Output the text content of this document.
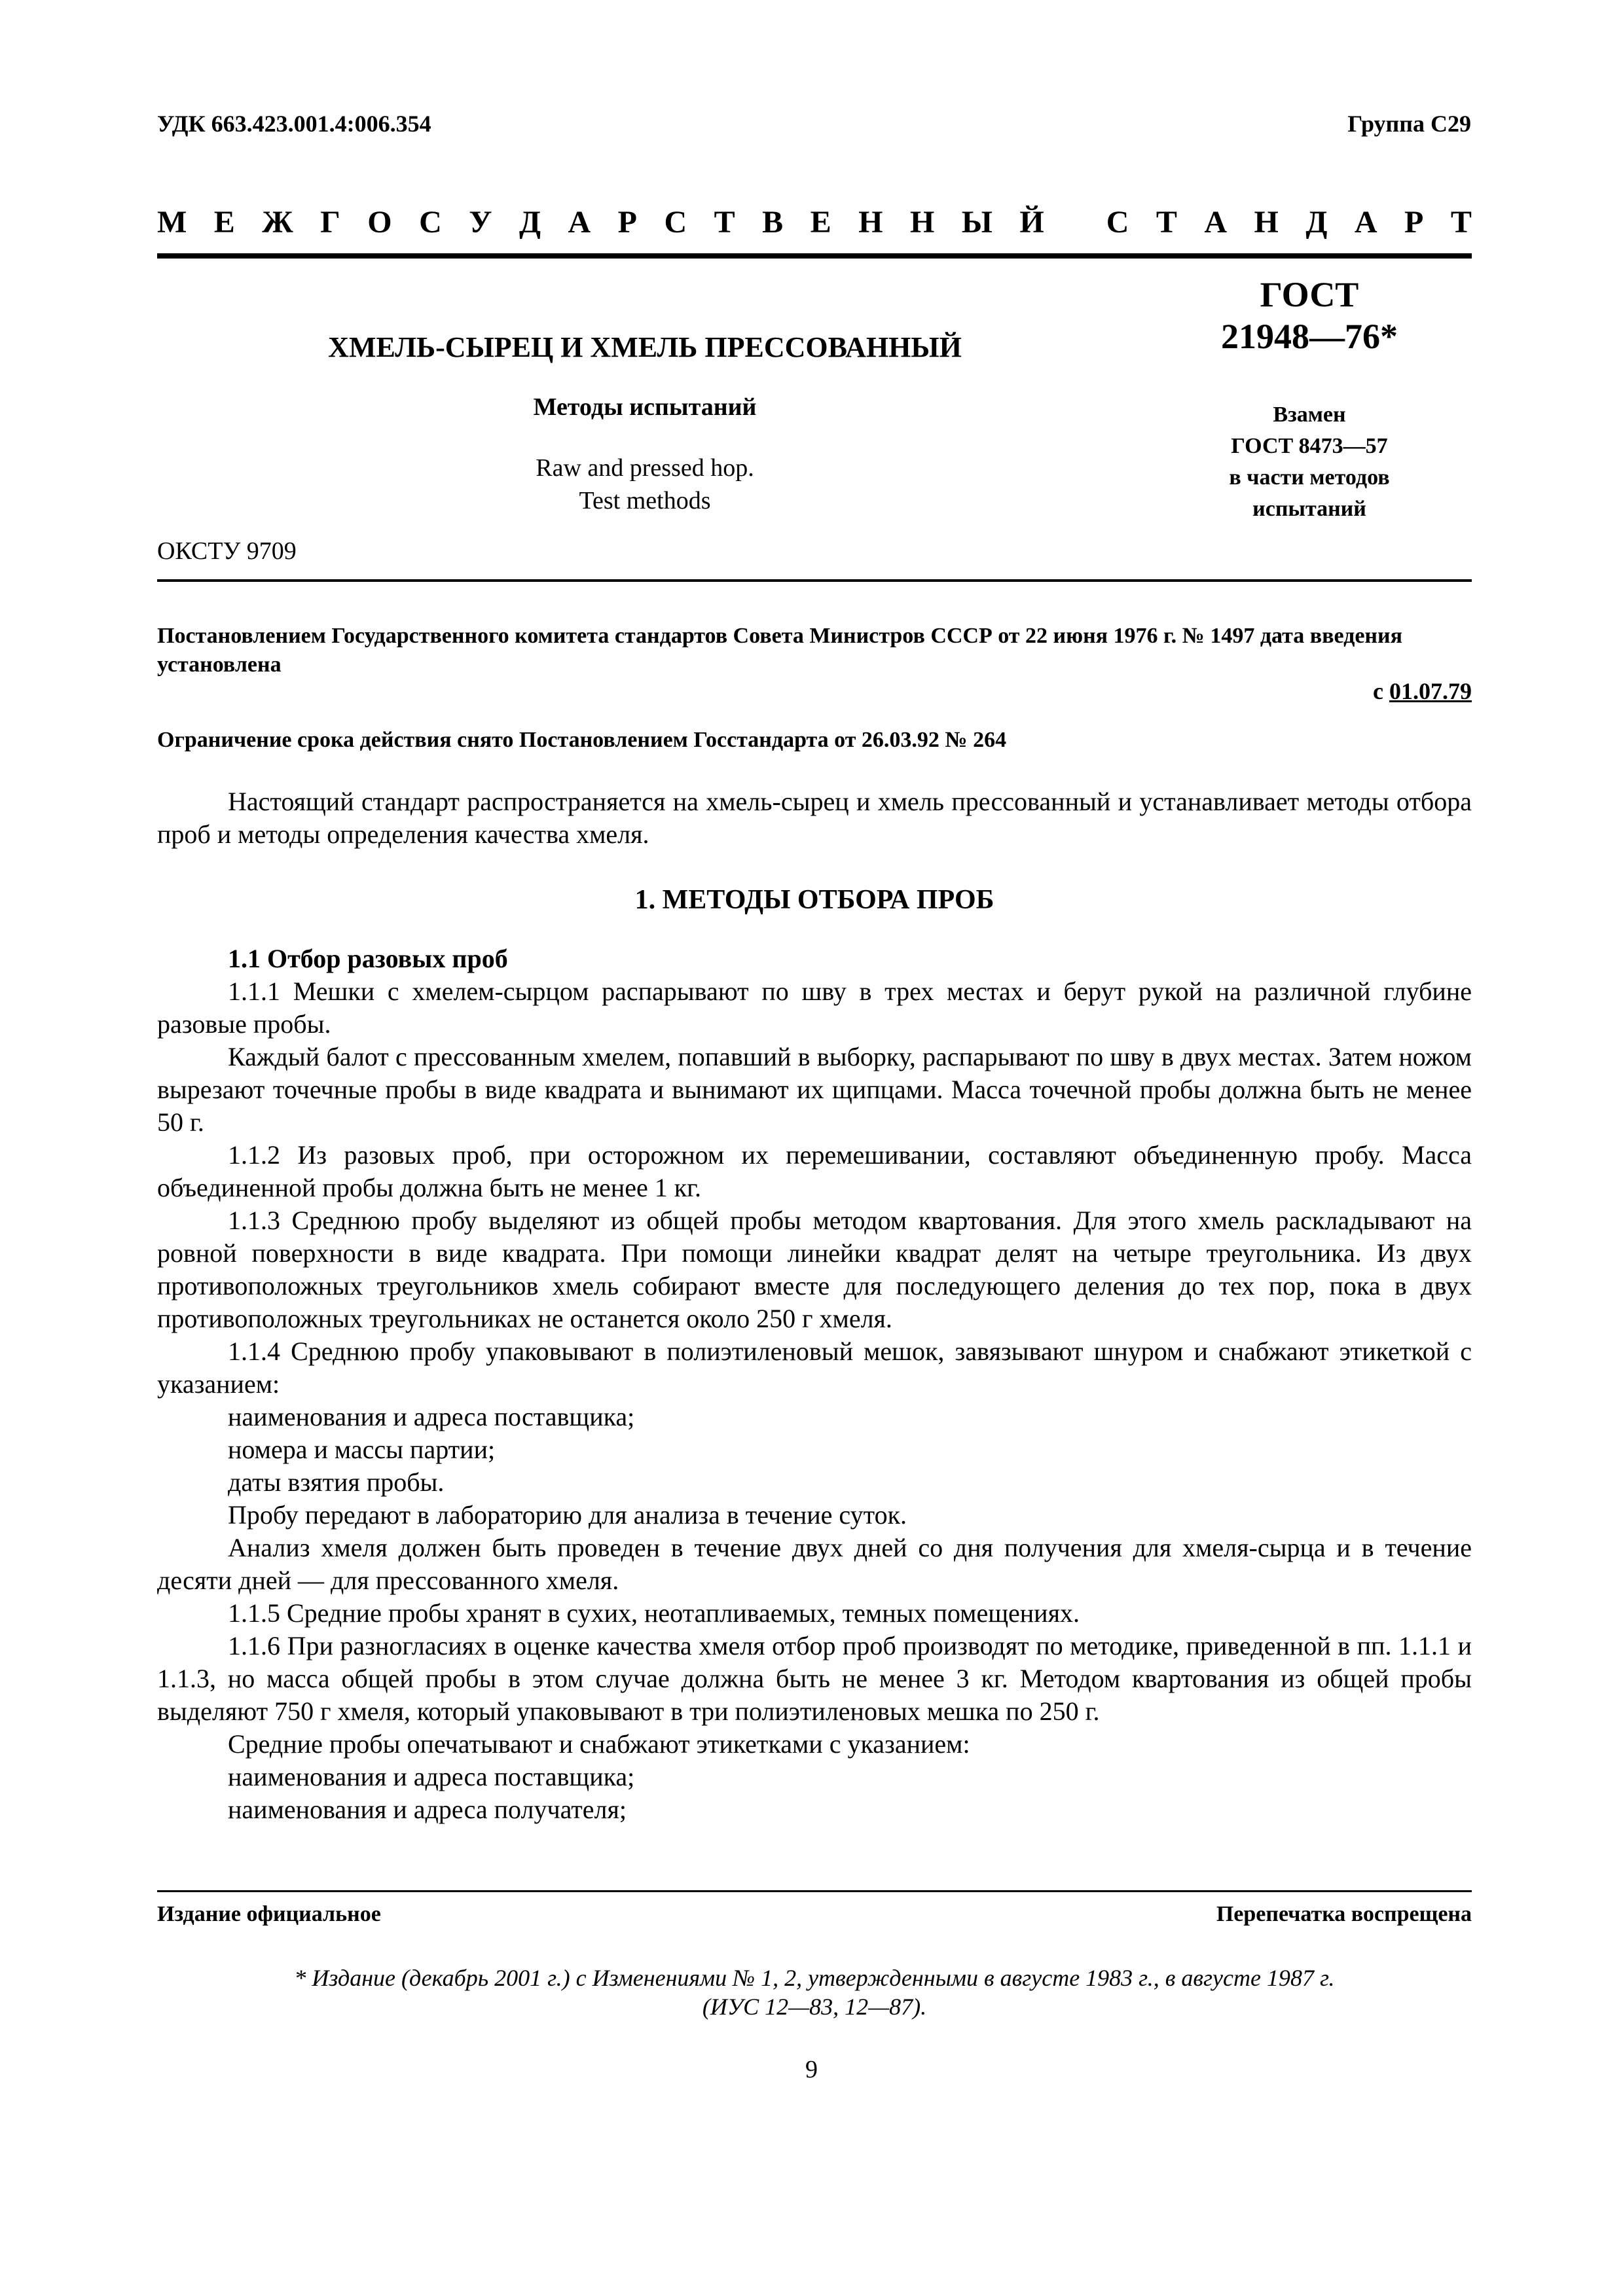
УДК 663.423.001.4:006.354	Группа С29
М Е Ж Г О С У Д А Р С Т В Е Н Н Ы Й
С Т А Н Д А Р Т
ХМЕЛЬ-СЫРЕЦ И ХМЕЛЬ ПРЕССОВАННЫЙ
Методы испытаний
Raw and pressed hop.
Test methods
ОКСТУ 9709
ГОСТ
21948—76*
Взамен
ГОСТ 8473—57
в части методов
испытаний
Постановлением Государственного комитета стандартов Совета Министров СССР от 22 июня 1976 г. № 1497 дата введения установлена
с 01.07.79
Ограничение срока действия снято Постановлением Госстандарта от 26.03.92 № 264

Настоящий стандарт распространяется на хмель-сырец и хмель прессованный и устанавливает методы отбора проб и методы определения качества хмеля.

1. МЕТОДЫ ОТБОРА ПРОБ
1.1 Отбор разовых проб

1.1.1 Мешки с хмелем-сырцом распарывают по шву в трех местах и берут рукой на различной глубине разовые пробы.

Каждый балот с прессованным хмелем, попавший в выборку, распарывают по шву в двух местах. Затем ножом вырезают точечные пробы в виде квадрата и вынимают их щипцами. Масса точечной пробы должна быть не менее 50 г.

1.1.2 Из разовых проб, при осторожном их перемешивании, составляют объединенную пробу. Масса объединенной пробы должна быть не менее 1 кг.

1.1.3 Среднюю пробу выделяют из общей пробы методом квартования. Для этого хмель раскладывают на ровной поверхности в виде квадрата. При помощи линейки квадрат делят на четыре треугольника. Из двух противоположных треугольников хмель собирают вместе для последующего деления до тех пор, пока в двух противоположных треугольниках не останется около 250 г хмеля.

1.1.4 Среднюю пробу упаковывают в полиэтиленовый мешок, завязывают шнуром и снабжают этикеткой с указанием:

наименования и адреса поставщика;

номера и массы партии;

даты взятия пробы.

Пробу передают в лабораторию для анализа в течение суток.

Анализ хмеля должен быть проведен в течение двух дней со дня получения для хмеля-сырца и в течение десяти дней — для прессованного хмеля.

1.1.5 Средние пробы хранят в сухих, неотапливаемых, темных помещениях.

1.1.6 При разногласиях в оценке качества хмеля отбор проб производят по методике, приведенной в пп. 1.1.1 и 1.1.3, но масса общей пробы в этом случае должна быть не менее 3 кг. Методом квартования из общей пробы выделяют 750 г хмеля, который упаковывают в три полиэтиленовых мешка по 250 г.

Средние пробы опечатывают и снабжают этикетками с указанием:

наименования и адреса поставщика;

наименования и адреса получателя;

Издание официальное	Перепечатка воспрещена
* Издание (декабрь 2001 г.) с Изменениями № 1, 2, утвержденными в августе 1983 г., в августе 1987 г.
(ИУС 12—83, 12—87).
9
